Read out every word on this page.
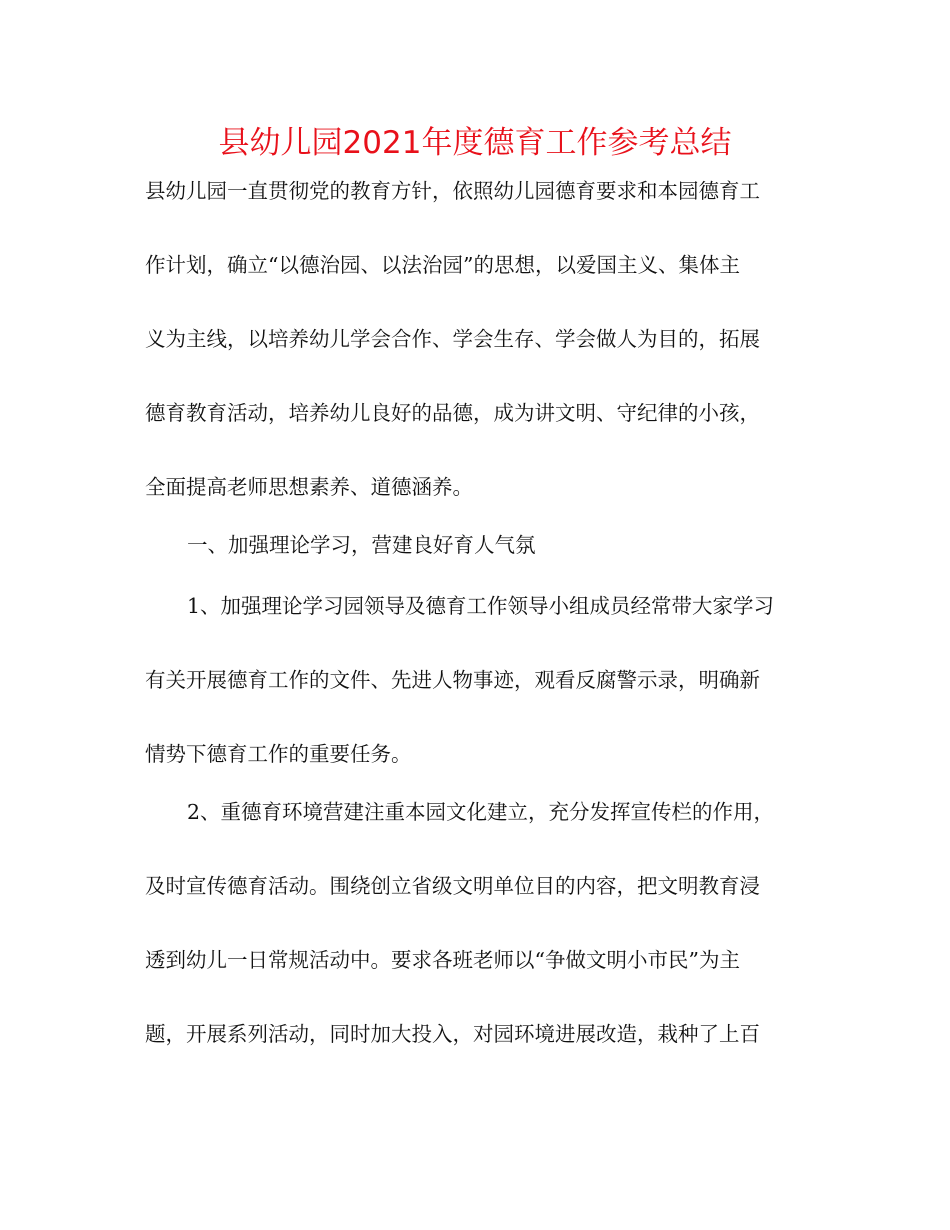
县幼儿园2021年度德育工作参考总结
县幼儿园一直贯彻党的教育方针，依照幼儿园德育要求和本园德育工
作计划，确立“以德治园、以法治园”的思想，以爱国主义、集体主
义为主线，以培养幼儿学会合作、学会生存、学会做人为目的，拓展
德育教育活动，培养幼儿良好的品德，成为讲文明、守纪律的小孩，
全面提高老师思想素养、道德涵养。
一、加强理论学习，营建良好育人气氛
1、加强理论学习园领导及德育工作领导小组成员经常带大家学习
有关开展德育工作的文件、先进人物事迹，观看反腐警示录，明确新
情势下德育工作的重要任务。
2、重德育环境营建注重本园文化建立，充分发挥宣传栏的作用，
及时宣传德育活动。围绕创立省级文明单位目的内容，把文明教育浸
透到幼儿一日常规活动中。要求各班老师以“争做文明小市民”为主
题，开展系列活动，同时加大投入，对园环境进展改造，栽种了上百
